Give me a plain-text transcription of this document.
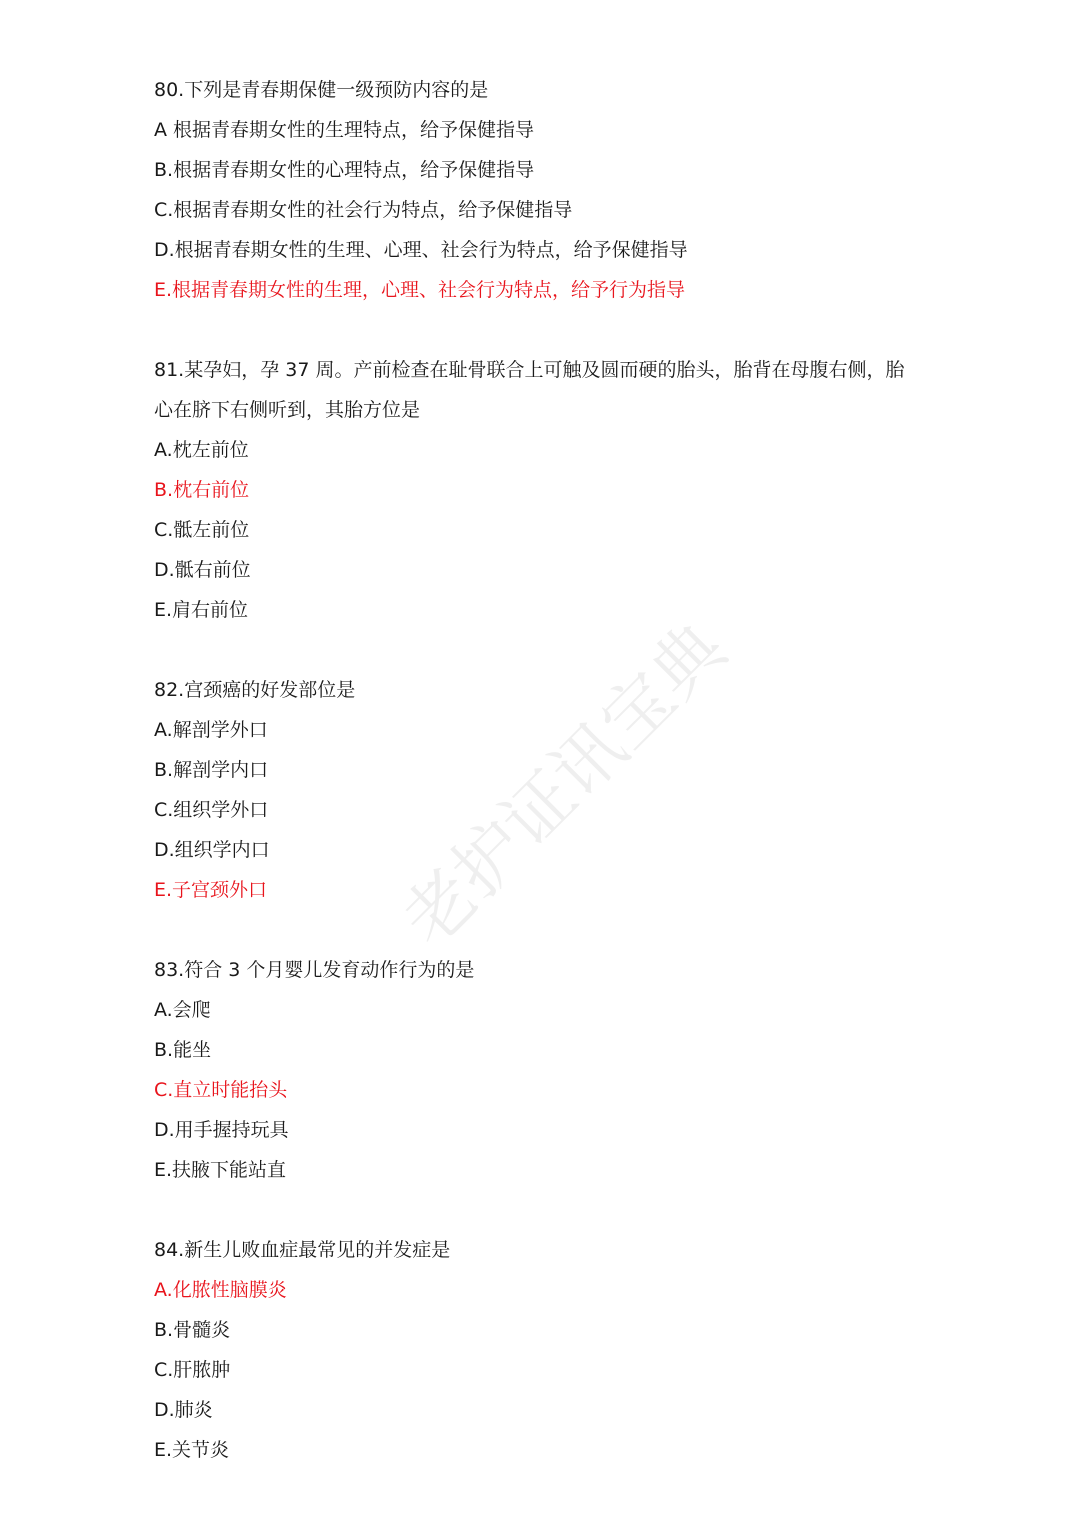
老护证讯宝典
80.下列是青春期保健一级预防内容的是
A 根据青春期女性的生理特点，给予保健指导
B.根据青春期女性的心理特点，给予保健指导
C.根据青春期女性的社会行为特点，给予保健指导
D.根据青春期女性的生理、心理、社会行为特点，给予保健指导
E.根据青春期女性的生理，心理、社会行为特点，给予行为指导
81.某孕妇，孕 37 周。产前检查在耻骨联合上可触及圆而硬的胎头，胎背在母腹右侧，胎
心在脐下右侧听到，其胎方位是
A.枕左前位
B.枕右前位
C.骶左前位
D.骶右前位
E.肩右前位
82.宫颈癌的好发部位是
A.解剖学外口
B.解剖学内口
C.组织学外口
D.组织学内口
E.子宫颈外口
83.符合 3 个月婴儿发育动作行为的是
A.会爬
B.能坐
C.直立时能抬头
D.用手握持玩具
E.扶腋下能站直
84.新生儿败血症最常见的并发症是
A.化脓性脑膜炎
B.骨髓炎
C.肝脓肿
D.肺炎
E.关节炎
